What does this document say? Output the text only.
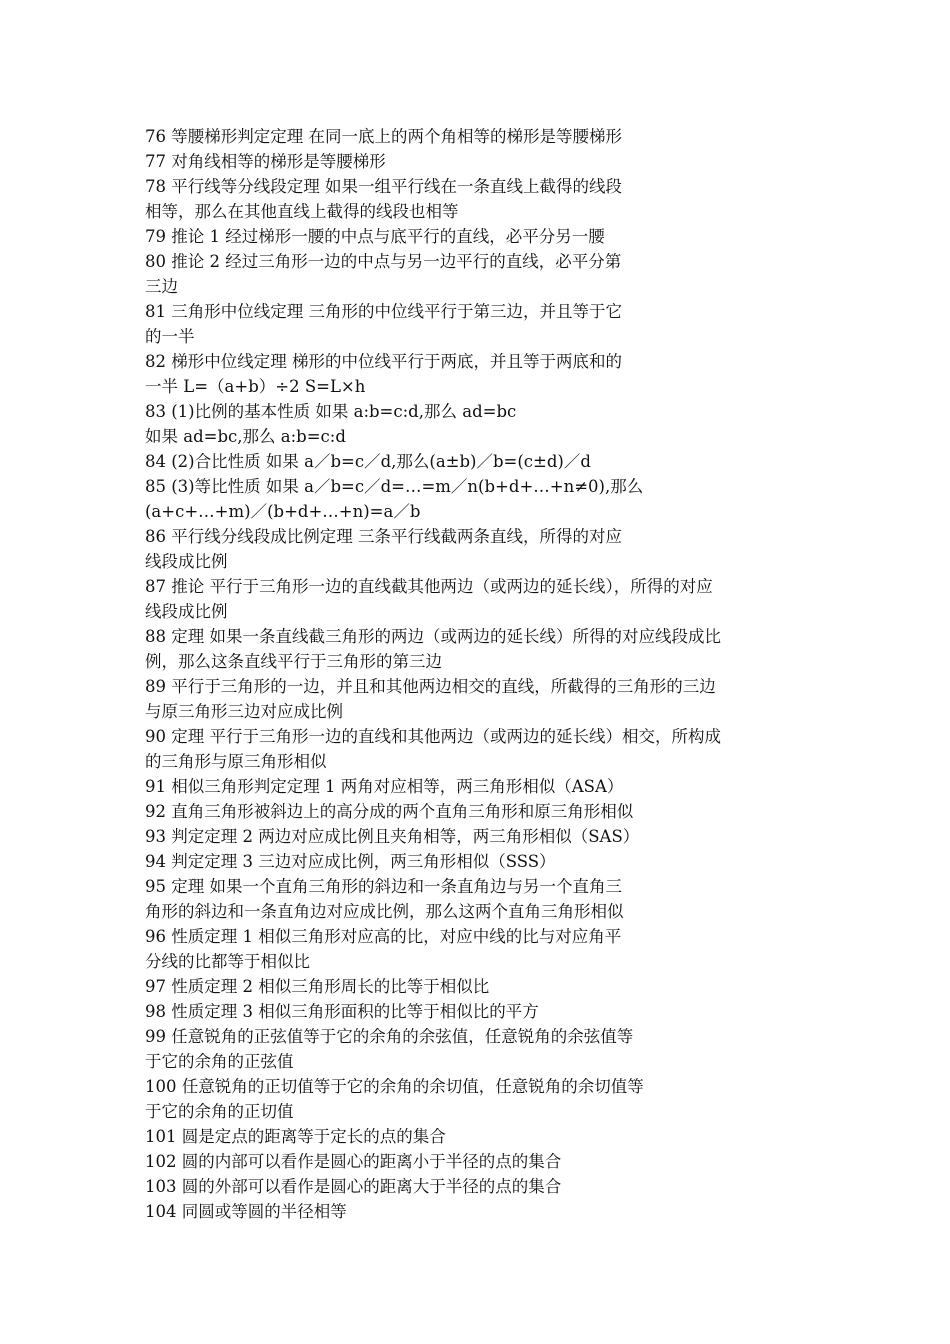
76 等腰梯形判定定理 在同一底上的两个角相等的梯形是等腰梯形
77 对角线相等的梯形是等腰梯形
78 平行线等分线段定理 如果一组平行线在一条直线上截得的线段
相等，那么在其他直线上截得的线段也相等
79 推论 1 经过梯形一腰的中点与底平行的直线，必平分另一腰
80 推论 2 经过三角形一边的中点与另一边平行的直线，必平分第
三边
81 三角形中位线定理 三角形的中位线平行于第三边，并且等于它
的一半
82 梯形中位线定理 梯形的中位线平行于两底，并且等于两底和的
一半 L=（a+b）÷2 S=L×h
83 (1)比例的基本性质 如果 a:b=c:d,那么 ad=bc
如果 ad=bc,那么 a:b=c:d
84 (2)合比性质 如果 a／b=c／d,那么(a±b)／b=(c±d)／d
85 (3)等比性质 如果 a／b=c／d=…=m／n(b+d+…+n≠0),那么
(a+c+…+m)／(b+d+…+n)=a／b
86 平行线分线段成比例定理 三条平行线截两条直线，所得的对应
线段成比例
87 推论 平行于三角形一边的直线截其他两边（或两边的延长线），所得的对应
线段成比例
88 定理 如果一条直线截三角形的两边（或两边的延长线）所得的对应线段成比
例，那么这条直线平行于三角形的第三边
89 平行于三角形的一边，并且和其他两边相交的直线，所截得的三角形的三边
与原三角形三边对应成比例
90 定理 平行于三角形一边的直线和其他两边（或两边的延长线）相交，所构成
的三角形与原三角形相似
91 相似三角形判定定理 1 两角对应相等，两三角形相似（ASA）
92 直角三角形被斜边上的高分成的两个直角三角形和原三角形相似
93 判定定理 2 两边对应成比例且夹角相等，两三角形相似（SAS）
94 判定定理 3 三边对应成比例，两三角形相似（SSS）
95 定理 如果一个直角三角形的斜边和一条直角边与另一个直角三
角形的斜边和一条直角边对应成比例，那么这两个直角三角形相似
96 性质定理 1 相似三角形对应高的比，对应中线的比与对应角平
分线的比都等于相似比
97 性质定理 2 相似三角形周长的比等于相似比
98 性质定理 3 相似三角形面积的比等于相似比的平方
99 任意锐角的正弦值等于它的余角的余弦值，任意锐角的余弦值等
于它的余角的正弦值
100 任意锐角的正切值等于它的余角的余切值，任意锐角的余切值等
于它的余角的正切值
101 圆是定点的距离等于定长的点的集合
102 圆的内部可以看作是圆心的距离小于半径的点的集合
103 圆的外部可以看作是圆心的距离大于半径的点的集合
104 同圆或等圆的半径相等
